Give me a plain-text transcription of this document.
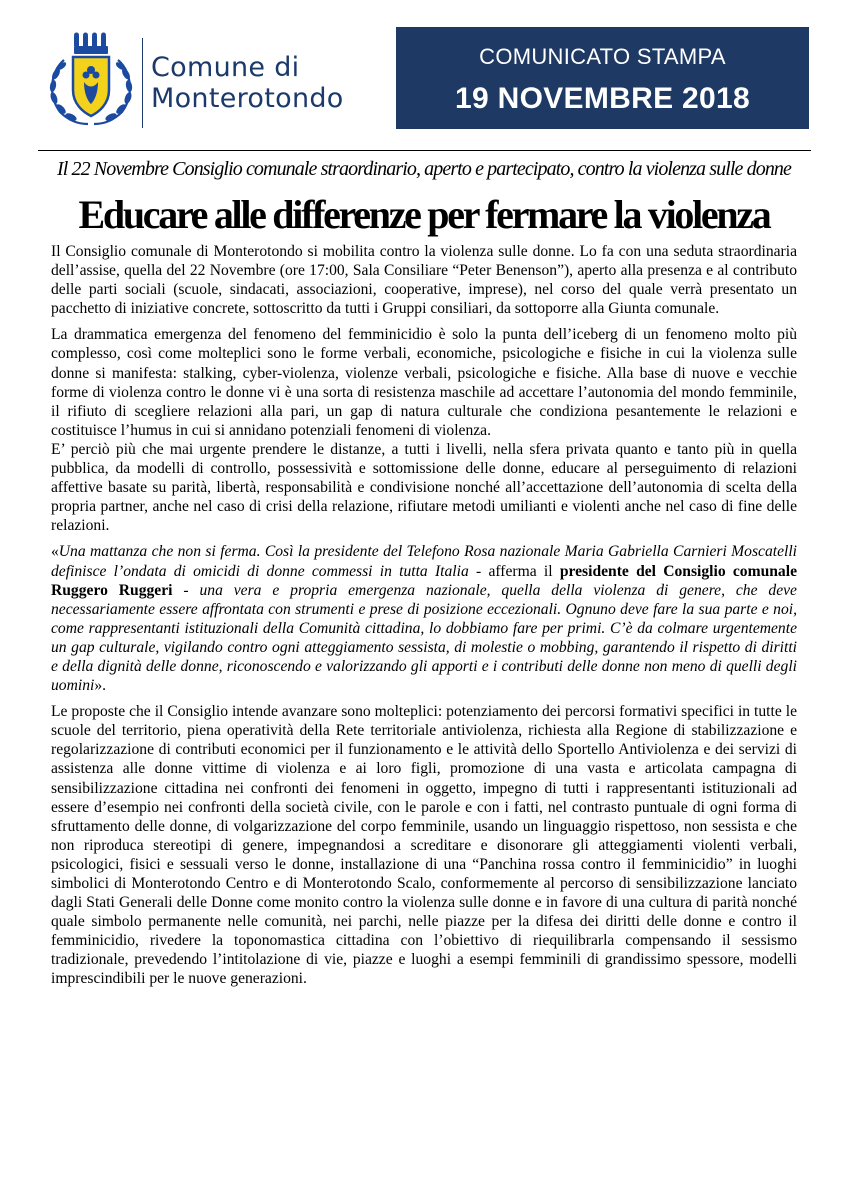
Comune di
Monterotondo
COMUNICATO STAMPA
19 NOVEMBRE 2018
Il 22 Novembre Consiglio comunale straordinario, aperto e partecipato, contro la violenza sulle donne
Educare alle differenze per fermare la violenza

Il Consiglio comunale di Monterotondo si mobilita contro la violenza sulle donne. Lo fa con una seduta straordinaria dell’assise, quella del 22 Novembre (ore 17:00, Sala Consiliare “Peter Benenson”), aperto alla presenza e al contributo delle parti sociali (scuole, sindacati, associazioni, cooperative, imprese), nel corso del quale verrà presentato un pacchetto di iniziative concrete, sottoscritto da tutti i Gruppi consiliari, da sottoporre alla Giunta comunale.

La drammatica emergenza del fenomeno del femminicidio è solo la punta dell’iceberg di un fenomeno molto più complesso, così come molteplici sono le forme verbali, economiche, psicologiche e fisiche in cui la violenza sulle donne si manifesta: stalking, cyber-violenza, violenze verbali, psicologiche e fisiche. Alla base di nuove e vecchie forme di violenza contro le donne vi è una sorta di resistenza maschile ad accettare l’autonomia del mondo femminile, il rifiuto di scegliere relazioni alla pari, un gap di natura culturale che condiziona pesantemente le relazioni e costituisce l’humus in cui si annidano potenziali fenomeni di violenza.

E’ perciò più che mai urgente prendere le distanze, a tutti i livelli, nella sfera privata quanto e tanto più in quella pubblica, da modelli di controllo, possessività e sottomissione delle donne, educare al perseguimento di relazioni affettive basate su parità, libertà, responsabilità e condivisione nonché all’accettazione dell’autonomia di scelta della propria partner, anche nel caso di crisi della relazione, rifiutare metodi umilianti e violenti anche nel caso di fine delle relazioni.

«Una mattanza che non si ferma. Così la presidente del Telefono Rosa nazionale Maria Gabriella Carnieri Moscatelli definisce l’ondata di omicidi di donne commessi in tutta Italia - afferma il presidente del Consiglio comunale Ruggero Ruggeri - una vera e propria emergenza nazionale, quella della violenza di genere, che deve necessariamente essere affrontata con strumenti e prese di posizione eccezionali. Ognuno deve fare la sua parte e noi, come rappresentanti istituzionali della Comunità cittadina, lo dobbiamo fare per primi. C’è da colmare urgentemente un gap culturale, vigilando contro ogni atteggiamento sessista, di molestie o mobbing, garantendo il rispetto di diritti e della dignità delle donne, riconoscendo e valorizzando gli apporti e i contributi delle donne non meno di quelli degli uomini».

Le proposte che il Consiglio intende avanzare sono molteplici: potenziamento dei percorsi formativi specifici in tutte le scuole del territorio, piena operatività della Rete territoriale antiviolenza, richiesta alla Regione di stabilizzazione e regolarizzazione di contributi economici per il funzionamento e le attività dello Sportello Antiviolenza e dei servizi di assistenza alle donne vittime di violenza e ai loro figli, promozione di una vasta e articolata campagna di sensibilizzazione cittadina nei confronti dei fenomeni in oggetto, impegno di tutti i rappresentanti istituzionali ad essere d’esempio nei confronti della società civile, con le parole e con i fatti, nel contrasto puntuale di ogni forma di sfruttamento delle donne, di volgarizzazione del corpo femminile, usando un linguaggio rispettoso, non sessista e che non riproduca stereotipi di genere, impegnandosi a screditare e disonorare gli atteggiamenti violenti verbali, psicologici, fisici e sessuali verso le donne, installazione di una “Panchina rossa contro il femminicidio” in luoghi simbolici di Monterotondo Centro e di Monterotondo Scalo, conformemente al percorso di sensibilizzazione lanciato dagli Stati Generali delle Donne come monito contro la violenza sulle donne e in favore di una cultura di parità nonché quale simbolo permanente nelle comunità, nei parchi, nelle piazze per la difesa dei diritti delle donne e contro il femminicidio, rivedere la toponomastica cittadina con l’obiettivo di riequilibrarla compensando il sessismo tradizionale, prevedendo l’intitolazione di vie, piazze e luoghi a esempi femminili di grandissimo spessore, modelli imprescindibili per le nuove generazioni.
